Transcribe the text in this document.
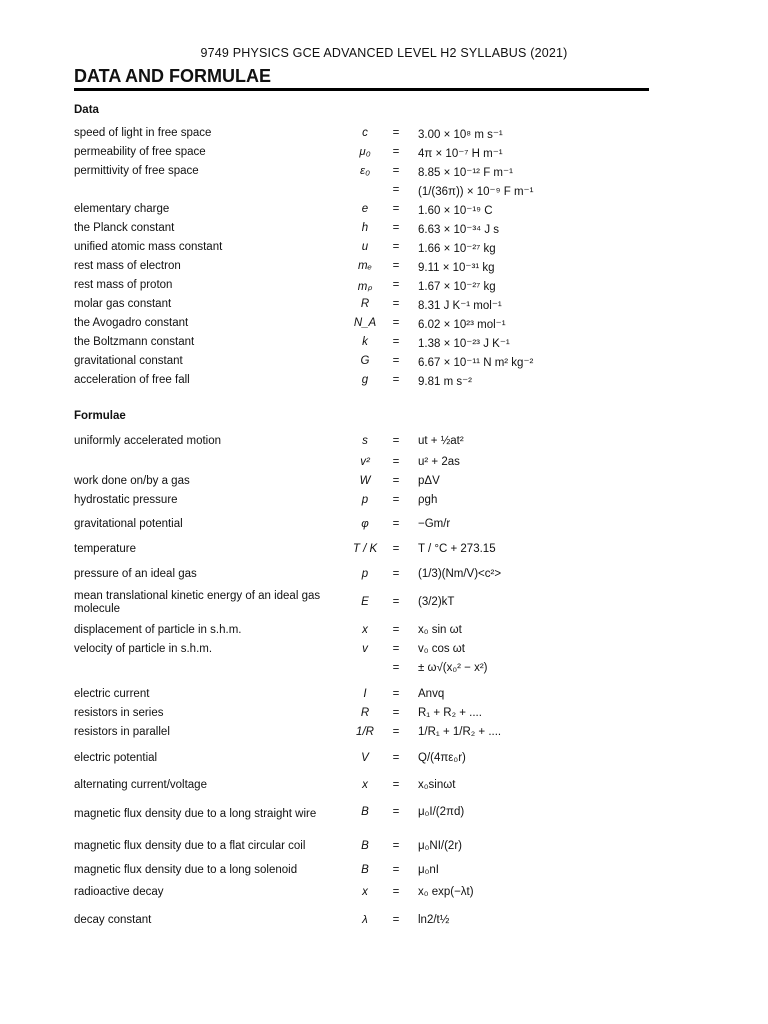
9749 PHYSICS GCE ADVANCED LEVEL H2 SYLLABUS (2021)
DATA AND FORMULAE
Data
speed of light in free space	c	=	3.00 × 10⁸ m s⁻¹
permeability of free space	μ₀	=	4π × 10⁻⁷ H m⁻¹
permittivity of free space	ε₀	=	8.85 × 10⁻¹² F m⁻¹
=	(1/(36π)) × 10⁻⁹ F m⁻¹
elementary charge	e	=	1.60 × 10⁻¹⁹ C
the Planck constant	h	=	6.63 × 10⁻³⁴ J s
unified atomic mass constant	u	=	1.66 × 10⁻²⁷ kg
rest mass of electron	mₑ	=	9.11 × 10⁻³¹ kg
rest mass of proton	mₚ	=	1.67 × 10⁻²⁷ kg
molar gas constant	R	=	8.31 J K⁻¹ mol⁻¹
the Avogadro constant	N_A	=	6.02 × 10²³ mol⁻¹
the Boltzmann constant	k	=	1.38 × 10⁻²³ J K⁻¹
gravitational constant	G	=	6.67 × 10⁻¹¹ N m² kg⁻²
acceleration of free fall	g	=	9.81 m s⁻²
Formulae
uniformly accelerated motion	s	=	ut + ½at²
v²	=	u² + 2as
work done on/by a gas	W	=	pΔV
hydrostatic pressure	p	=	ρgh
gravitational potential	φ	=	−Gm/r
temperature	T / K	=	T / °C + 273.15
pressure of an ideal gas	p	=	(1/3)(Nm/V)<c²>
mean translational kinetic energy of an ideal gas molecule
E	=	(3/2)kT
displacement of particle in s.h.m.	x	=	x₀ sin ωt
velocity of particle in s.h.m.	v	=	v₀ cos ωt
=	± ω√(x₀² − x²)
electric current	I	=	Anvq
resistors in series	R	=	R₁ + R₂ + ....
resistors in parallel	1/R	=	1/R₁ + 1/R₂ + ....
electric potential	V	=	Q/(4πε₀r)
alternating current/voltage	x	=	x₀sinωt
magnetic flux density due to a long straight wire	B	=	μ₀I/(2πd)
magnetic flux density due to a flat circular coil	B	=	μ₀NI/(2r)
magnetic flux density due to a long solenoid	B	=	μ₀nI
radioactive decay	x	=	x₀ exp(−λt)
decay constant	λ	=	ln2/t½
